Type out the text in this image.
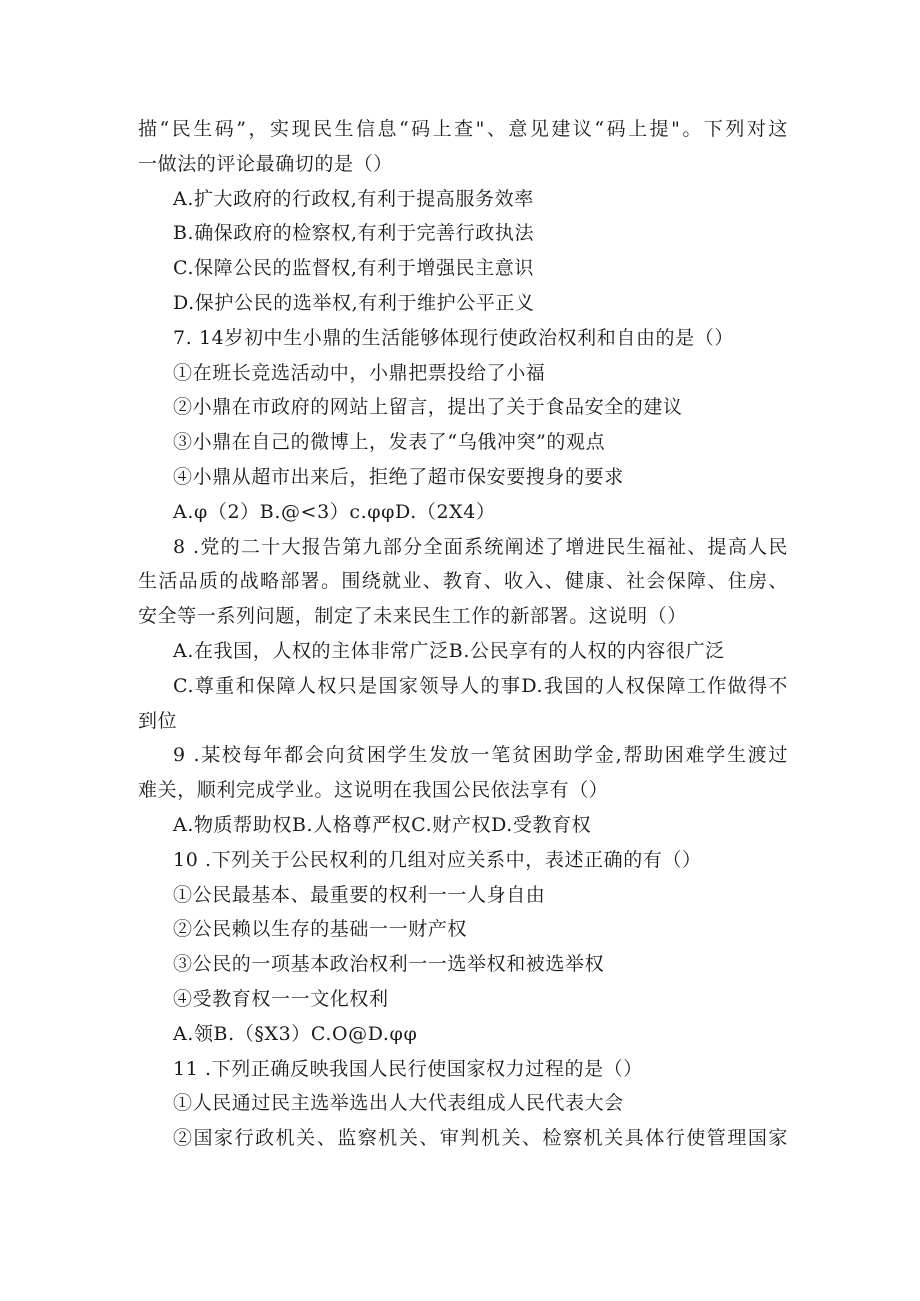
描“民生码”，实现民生信息“码上查"、意见建议“码上提"。下列对这
一做法的评论最确切的是（）
A.扩大政府的行政权,有利于提高服务效率
B.确保政府的检察权,有利于完善行政执法
C.保障公民的监督权,有利于增强民主意识
D.保护公民的选举权,有利于维护公平正义
7. 14岁初中生小鼎的生活能够体现行使政治权利和自由的是（）
①在班长竞选活动中，小鼎把票投给了小福
②小鼎在市政府的网站上留言，提出了关于食品安全的建议
③小鼎在自己的微博上，发表了“乌俄冲突”的观点
④小鼎从超市出来后，拒绝了超市保安要搜身的要求
A.φ（2）B.@<3）c.φφD.（2X4）
8 .党的二十大报告第九部分全面系统阐述了增进民生福祉、提高人民
生活品质的战略部署。围绕就业、教育、收入、健康、社会保障、住房、
安全等一系列问题，制定了未来民生工作的新部署。这说明（）
A.在我国，人权的主体非常广泛B.公民享有的人权的内容很广泛
C.尊重和保障人权只是国家领导人的事D.我国的人权保障工作做得不
到位
9 .某校每年都会向贫困学生发放一笔贫困助学金,帮助困难学生渡过
难关，顺利完成学业。这说明在我国公民依法享有（）
A.物质帮助权B.人格尊严权C.财产权D.受教育权
10 .下列关于公民权利的几组对应关系中，表述正确的有（）
①公民最基本、最重要的权利一一人身自由
②公民赖以生存的基础一一财产权
③公民的一项基本政治权利一一选举权和被选举权
④受教育权一一文化权利
A.领B.（§X3）C.O@D.φφ
11 .下列正确反映我国人民行使国家权力过程的是（）
①人民通过民主选举选出人大代表组成人民代表大会
②国家行政机关、监察机关、审判机关、检察机关具体行使管理国家
